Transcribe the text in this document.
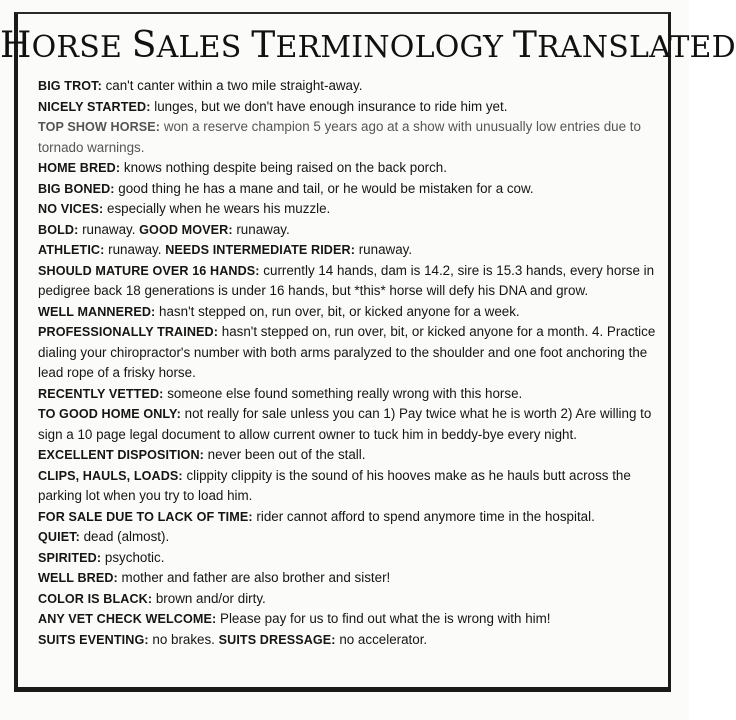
HORSE SALES TERMINOLOGY TRANSLATED

BIG TROT: can't canter within a two mile straight-away.

NICELY STARTED: lunges, but we don't have enough insurance to ride him yet.

TOP SHOW HORSE: won a reserve champion 5 years ago at a show with unusually low entries due to tornado warnings.

HOME BRED: knows nothing despite being raised on the back porch.

BIG BONED: good thing he has a mane and tail, or he would be mistaken for a cow.

NO VICES: especially when he wears his muzzle.

BOLD: runaway. GOOD MOVER: runaway.

ATHLETIC: runaway. NEEDS INTERMEDIATE RIDER: runaway.

SHOULD MATURE OVER 16 HANDS: currently 14 hands, dam is 14.2, sire is 15.3 hands, every horse in pedigree back 18 generations is under 16 hands, but *this* horse will defy his DNA and grow.

WELL MANNERED: hasn't stepped on, run over, bit, or kicked anyone for a week.

PROFESSIONALLY TRAINED: hasn't stepped on, run over, bit, or kicked anyone for a month. 4. Practice dialing your chiropractor's number with both arms paralyzed to the shoulder and one foot anchoring the lead rope of a frisky horse.

RECENTLY VETTED: someone else found something really wrong with this horse.

TO GOOD HOME ONLY: not really for sale unless you can 1) Pay twice what he is worth 2) Are willing to sign a 10 page legal document to allow current owner to tuck him in beddy-bye every night.

EXCELLENT DISPOSITION: never been out of the stall.

CLIPS, HAULS, LOADS: clippity clippity is the sound of his hooves make as he hauls butt across the parking lot when you try to load him.

FOR SALE DUE TO LACK OF TIME: rider cannot afford to spend anymore time in the hospital.

QUIET: dead (almost).

SPIRITED: psychotic.

WELL BRED: mother and father are also brother and sister!

COLOR IS BLACK: brown and/or dirty.

ANY VET CHECK WELCOME: Please pay for us to find out what the is wrong with him!

SUITS EVENTING: no brakes. SUITS DRESSAGE: no accelerator.
